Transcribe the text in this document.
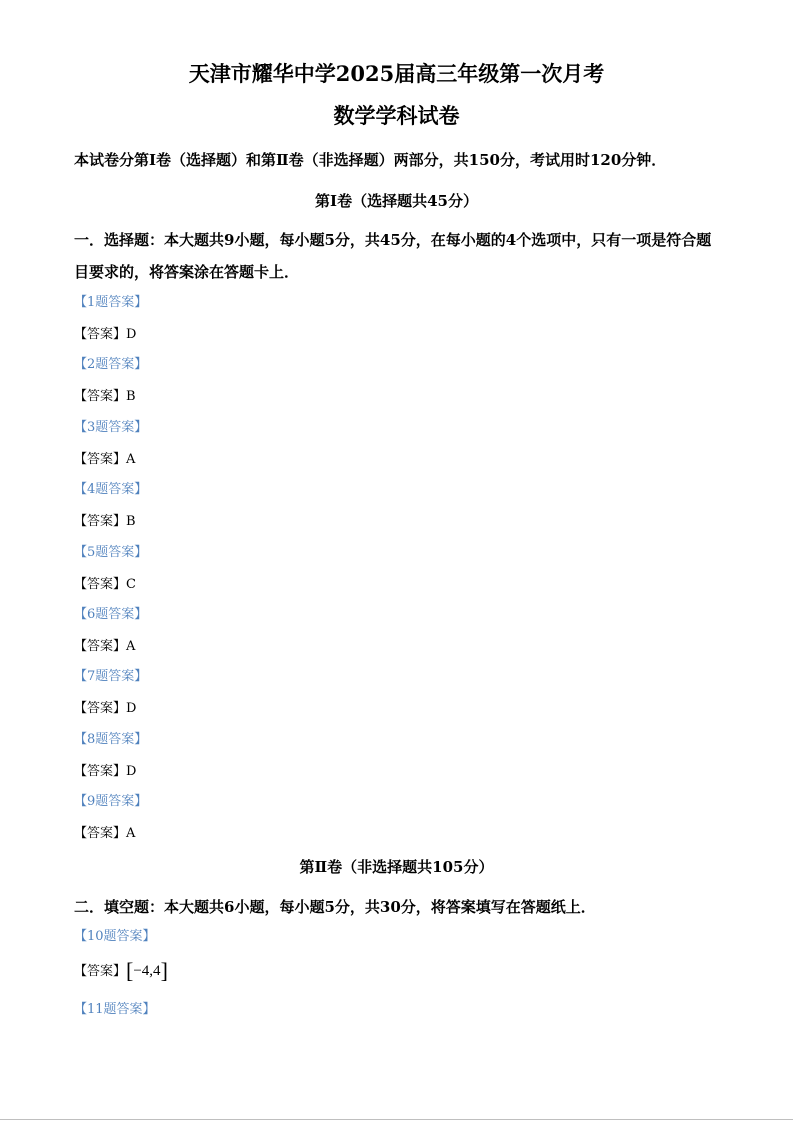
天津市耀华中学2025届高三年级第一次月考
数学学科试卷

本试卷分第Ⅰ卷（选择题）和第Ⅱ卷（非选择题）两部分，共150分，考试用时120分钟．

第Ⅰ卷（选择题共45分）

一．选择题：本大题共9小题，每小题5分，共45分，在每小题的4个选项中，只有一项是符合题目要求的，将答案涂在答题卡上．

【1题答案】

【答案】D

【2题答案】

【答案】B

【3题答案】

【答案】A

【4题答案】

【答案】B

【5题答案】

【答案】C

【6题答案】

【答案】A

【7题答案】

【答案】D

【8题答案】

【答案】D

【9题答案】

【答案】A

第Ⅱ卷（非选择题共105分）

二．填空题：本大题共6小题，每小题5分，共30分，将答案填写在答题纸上．

【10题答案】

【答案】[−4,4]

【11题答案】
